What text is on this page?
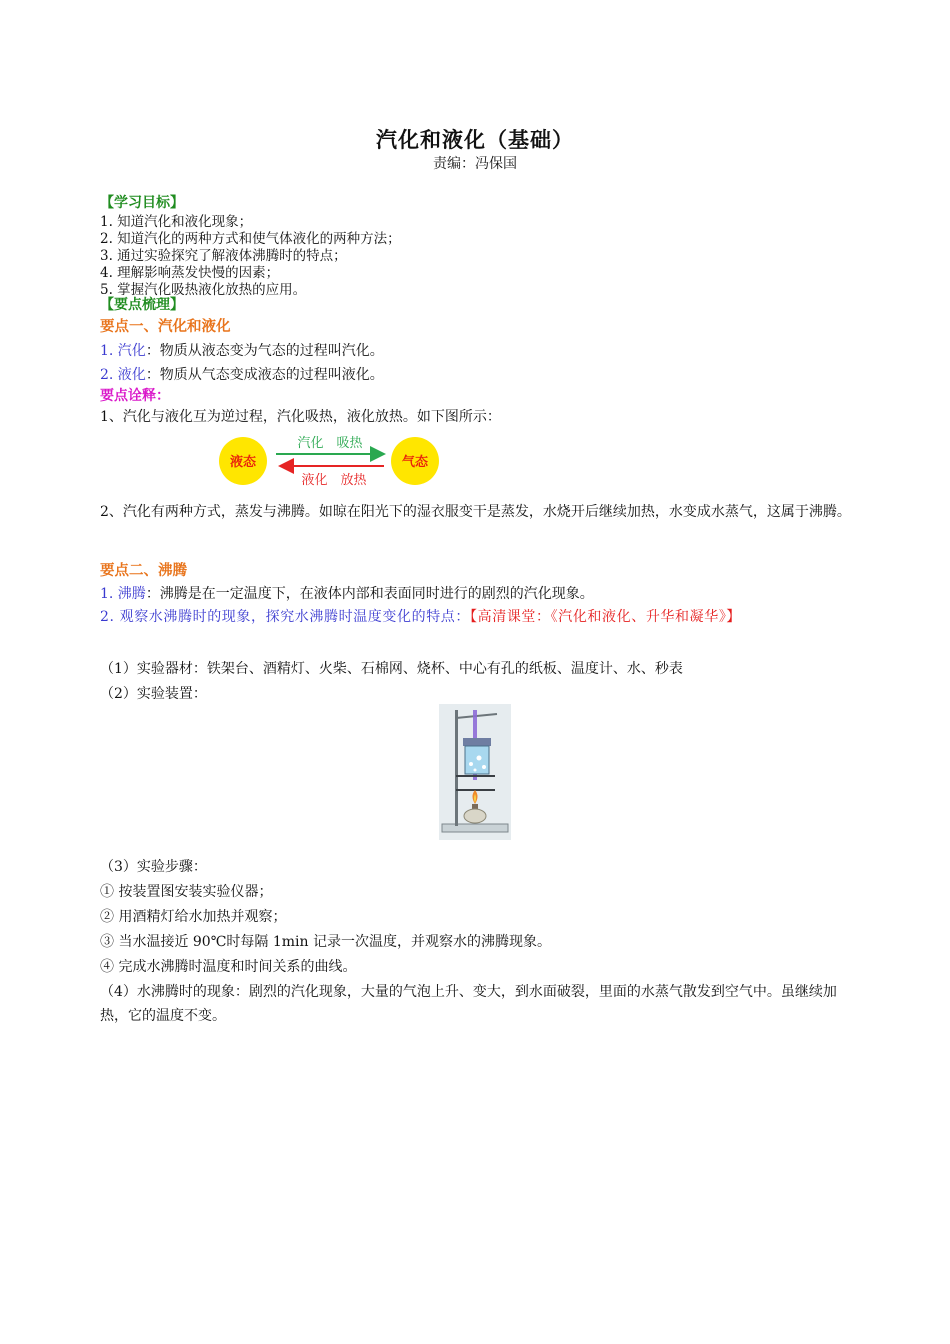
汽化和液化（基础）
责编：冯保国
【学习目标】
1. 知道汽化和液化现象；
2. 知道汽化的两种方式和使气体液化的两种方法；
3. 通过实验探究了解液体沸腾时的特点；
4. 理解影响蒸发快慢的因素；
5. 掌握汽化吸热液化放热的应用。
【要点梳理】
要点一、汽化和液化
1. 汽化：物质从液态变为气态的过程叫汽化。
2. 液化：物质从气态变成液态的过程叫液化。
要点诠释：
1、汽化与液化互为逆过程，汽化吸热，液化放热。如下图所示：
液态	气态
汽化　吸热
液化　放热
2、汽化有两种方式，蒸发与沸腾。如晾在阳光下的湿衣服变干是蒸发，水烧开后继续加热，水变成水蒸气，这属于沸腾。
要点二、沸腾
1. 沸腾：沸腾是在一定温度下，在液体内部和表面同时进行的剧烈的汽化现象。
2. 观察水沸腾时的现象，探究水沸腾时温度变化的特点：【高清课堂：《汽化和液化、升华和凝华》】
（1）实验器材：铁架台、酒精灯、火柴、石棉网、烧杯、中心有孔的纸板、温度计、水、秒表
（2）实验装置：
（3）实验步骤：
① 按装置图安装实验仪器；
② 用酒精灯给水加热并观察；
③ 当水温接近 90℃时每隔 1min 记录一次温度，并观察水的沸腾现象。
④ 完成水沸腾时温度和时间关系的曲线。
（4）水沸腾时的现象：剧烈的汽化现象，大量的气泡上升、变大，到水面破裂，里面的水蒸气散发到空气中。虽继续加热，它的温度不变。
